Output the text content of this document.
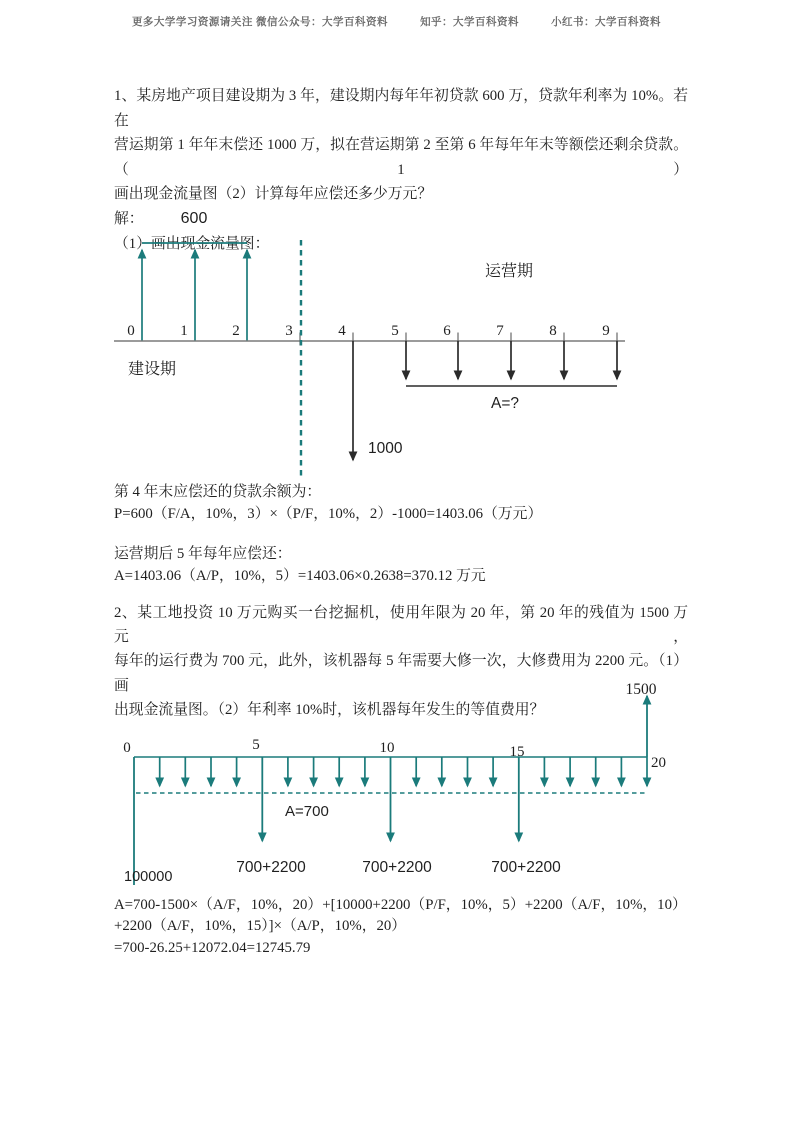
更多大学学习资源请关注 微信公众号：大学百科资料	知乎：大学百科资料	小红书：大学百科资料
1、某房地产项目建设期为 3 年，建设期内每年年初贷款 600 万，贷款年利率为 10%。若在
营运期第 1 年年末偿还 1000 万，拟在营运期第 2 至第 6 年每年年末等额偿还剩余贷款。（1）
画出现金流量图（2）计算每年应偿还多少万元？
解：
（1）画出现金流量图：
600
0	1	2	3	4	5	6	7	8	9
运营期
建设期
1000
A=?
第 4 年末应偿还的贷款余额为：
P=600（F/A，10%，3）×（P/F，10%，2）-1000=1403.06（万元）
运营期后 5 年每年应偿还：
A=1403.06（A/P，10%，5）=1403.06×0.2638=370.12 万元
2、某工地投资 10 万元购买一台挖掘机，使用年限为 20 年，第 20 年的残值为 1500 万元，
每年的运行费为 700 元，此外，该机器每 5 年需要大修一次，大修费用为 2200 元。（1）画
出现金流量图。（2）年利率 10%时，该机器每年发生的等值费用？
1500
0	5	10	15
20
100000
A=700
700+2200	700+2200	700+2200
A=700-1500×（A/F，10%，20）+[10000+2200（P/F，10%，5）+2200（A/F，10%，10）
+2200（A/F，10%，15）]×（A/P，10%，20）
=700-26.25+12072.04=12745.79
